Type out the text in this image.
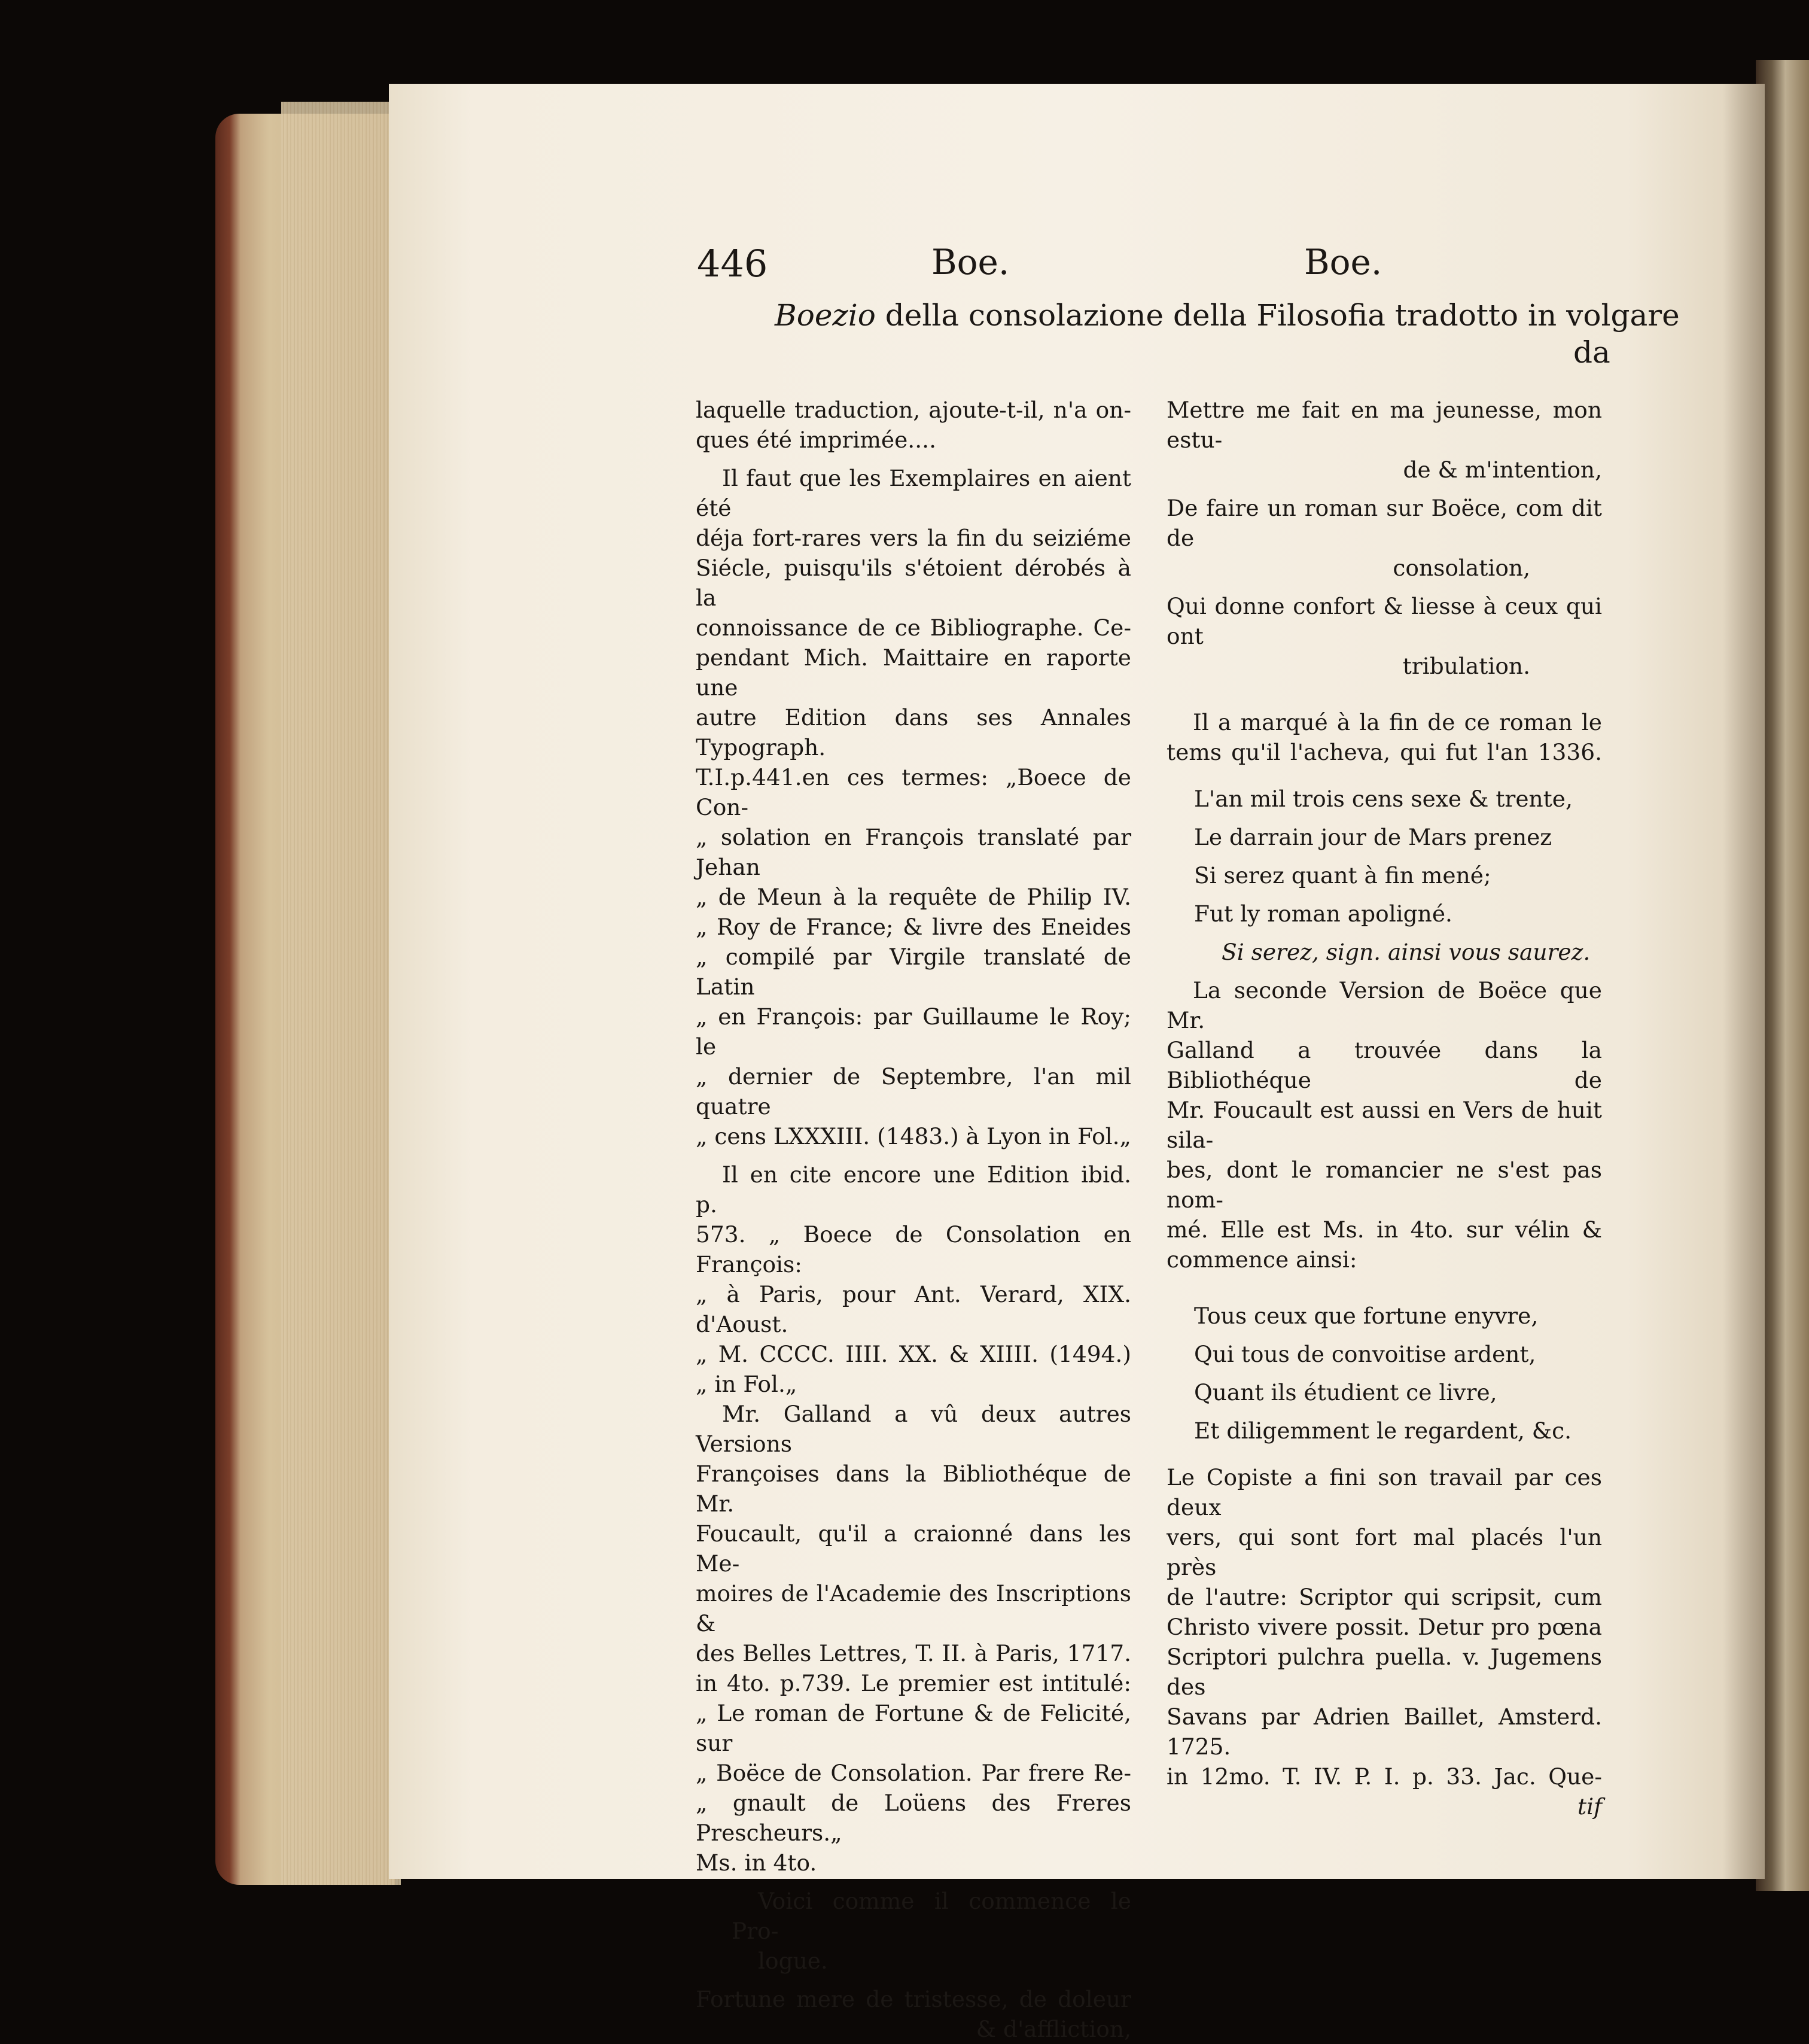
446	Boe.	Boe.
Boezio della consolazione della Filosofia tradotto in volgare
da

laquelle traduction, ajoute-t-il, n'a on-

ques été imprimée....

Il faut que les Exemplaires en aient été

déja fort-rares vers la fin du seiziéme

Siécle, puisqu'ils s'étoient dérobés à la

connoissance de ce Bibliographe. Ce-

pendant Mich. Maittaire en raporte une

autre Edition dans ses Annales Typograph.

T.I.p.441.en ces termes: „Boece de Con-

„ solation en François translaté par Jehan

„ de Meun à la requête de Philip IV.

„ Roy de France; & livre des Eneides

„ compilé par Virgile translaté de Latin

„ en François: par Guillaume le Roy; le

„ dernier de Septembre, l'an mil quatre

„ cens LXXXIII. (1483.) à Lyon in Fol.„

Il en cite encore une Edition ibid. p.

573. „ Boece de Consolation en François:

„ à Paris, pour Ant. Verard, XIX. d'Aoust.

„ M. CCCC. IIII. XX. & XIIII. (1494.)

„ in Fol.„

Mr. Galland a vû deux autres Versions

Françoises dans la Bibliothéque de Mr.

Foucault, qu'il a craionné dans les Me-

moires de l'Academie des Inscriptions &

des Belles Lettres, T. II. à Paris, 1717.

in 4to. p.739. Le premier est intitulé:

„ Le roman de Fortune & de Felicité, sur

„ Boëce de Consolation. Par frere Re-

„ gnault de Loüens des Freres Prescheurs.„

Ms. in 4to.

Voici comme il commence le Pro-

logue.

Fortune mere de tristesse, de doleur

& d'affliction,

Mettre me fait en ma jeunesse, mon estu-

de & m'intention,

De faire un roman sur Boëce, com dit de

consolation,

Qui donne confort & liesse à ceux qui ont

tribulation.

Il a marqué à la fin de ce roman le

tems qu'il l'acheva, qui fut l'an 1336.

L'an mil trois cens sexe & trente,

Le darrain jour de Mars prenez

Si serez quant à fin mené;

Fut ly roman apoligné.

Si serez, sign. ainsi vous saurez.

La seconde Version de Boëce que Mr.

Galland a trouvée dans la Bibliothéque de

Mr. Foucault est aussi en Vers de huit sila-

bes, dont le romancier ne s'est pas nom-

mé. Elle est Ms. in 4to. sur vélin &

commence ainsi:

Tous ceux que fortune enyvre,

Qui tous de convoitise ardent,

Quant ils étudient ce livre,

Et diligemment le regardent, &c.

Le Copiste a fini son travail par ces deux

vers, qui sont fort mal placés l'un près

de l'autre: Scriptor qui scripsit, cum

Christo vivere possit. Detur pro pœna

Scriptori pulchra puella. v. Jugemens des

Savans par Adrien Baillet, Amsterd. 1725.

in 12mo. T. IV. P. I. p. 33. Jac. Que-

tif
